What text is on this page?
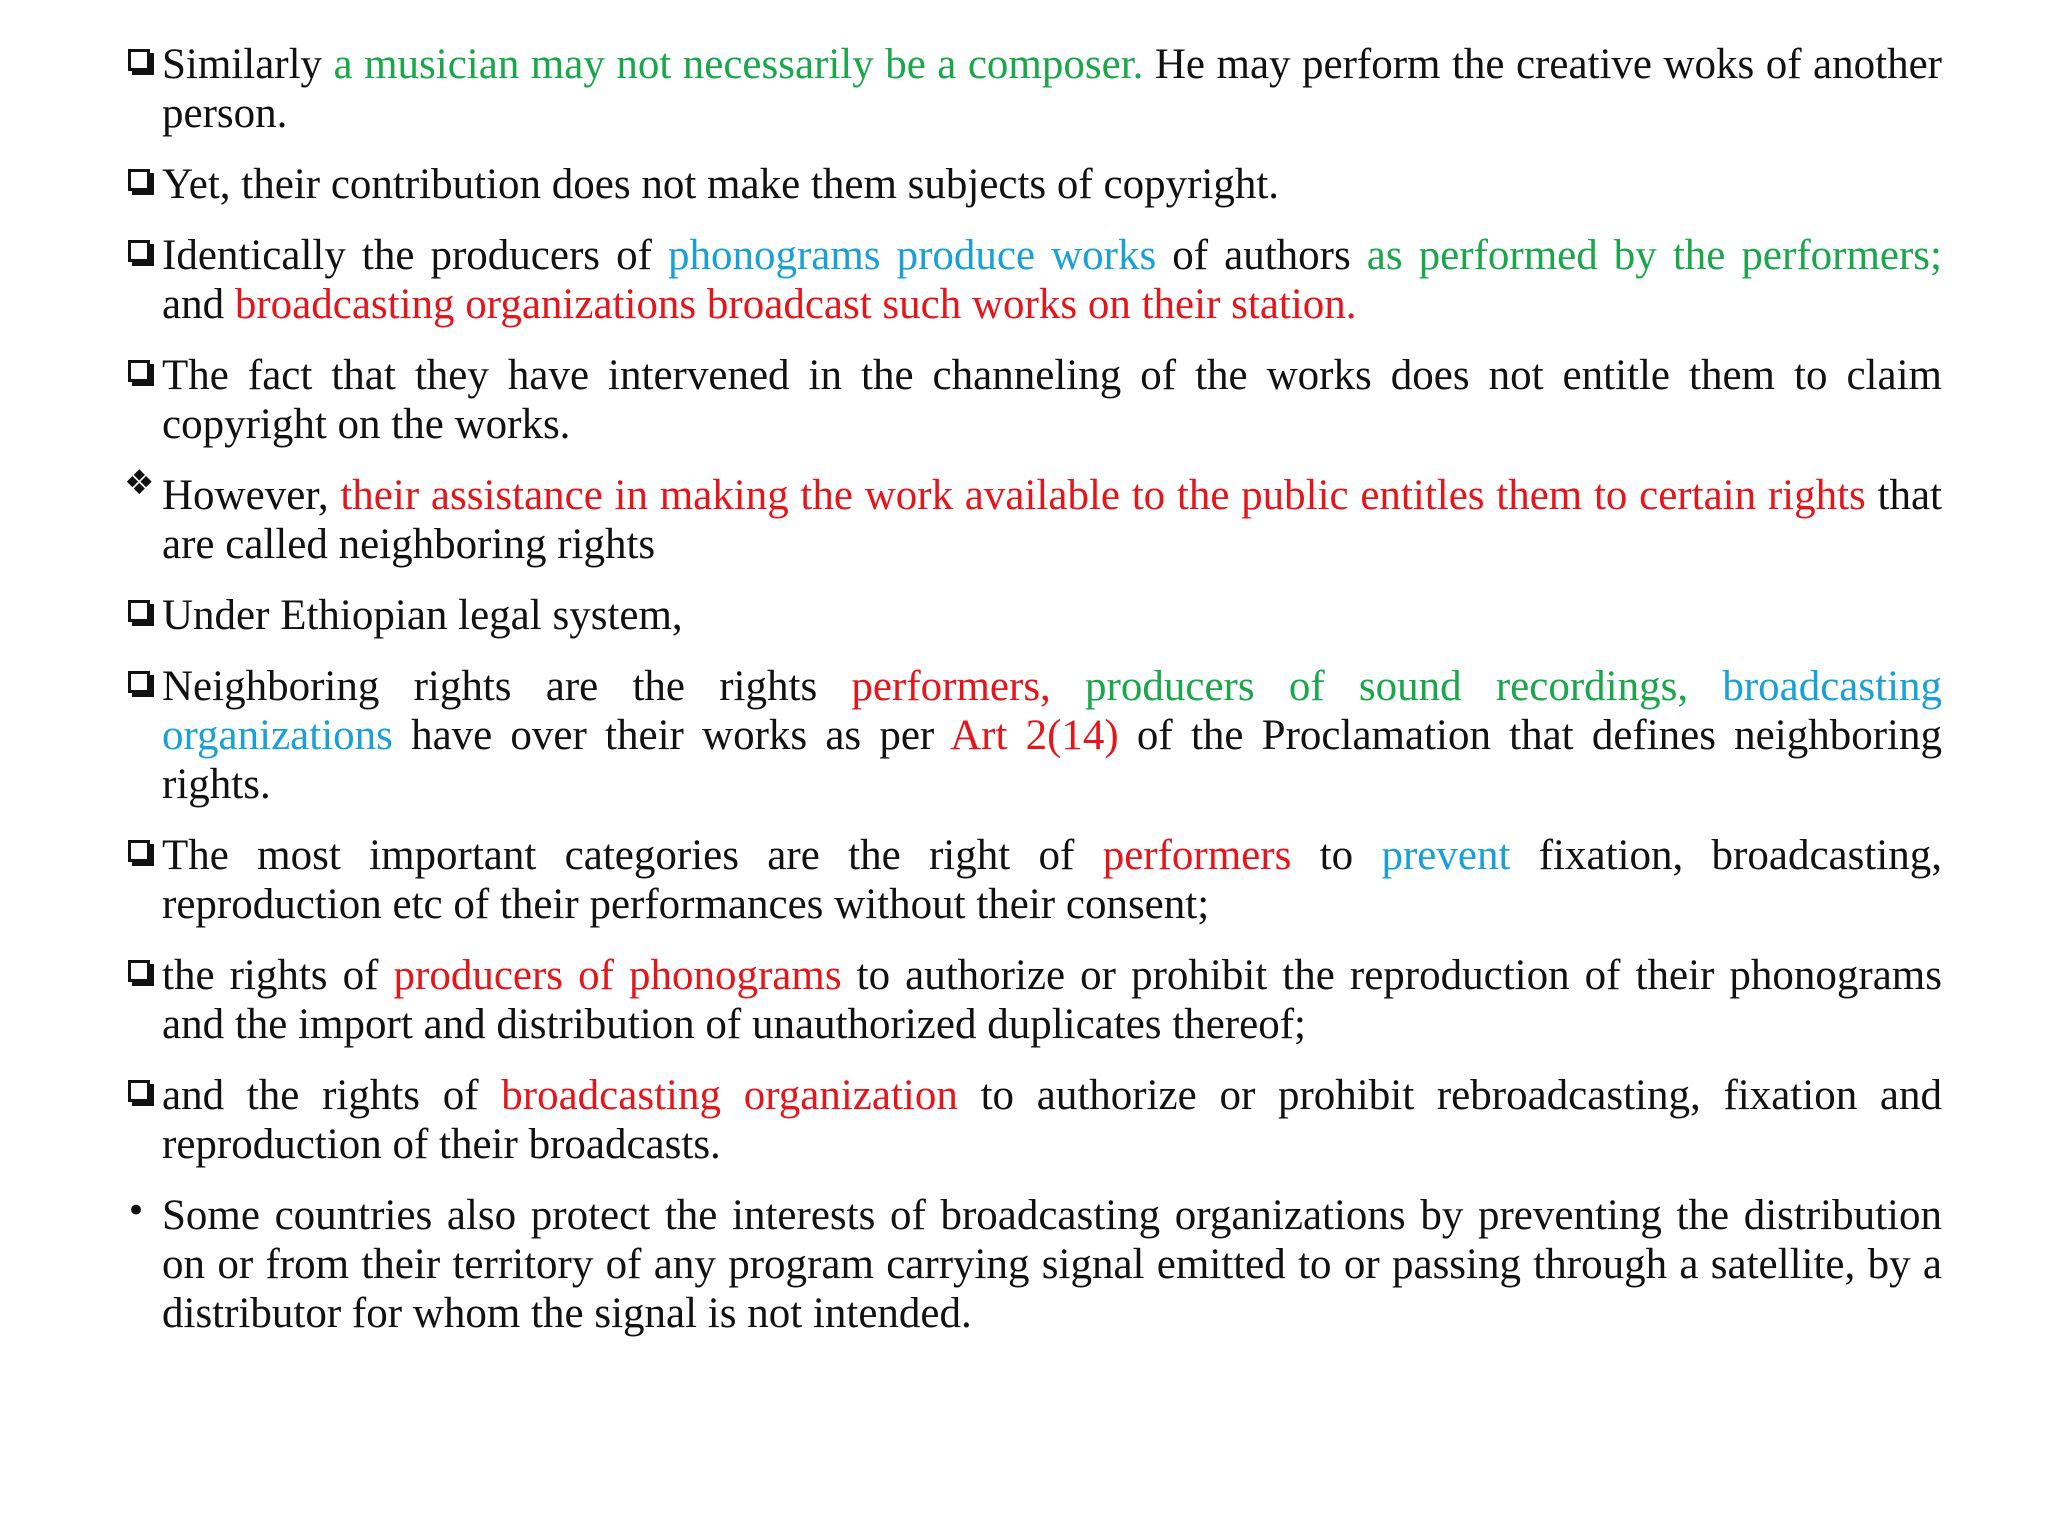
Similarly a musician may not necessarily be a composer. He may perform the creative woks of another person.
Yet, their contribution does not make them subjects of copyright.
Identically the producers of phonograms produce works of authors as performed by the performers; and broadcasting organizations broadcast such works on their station.
The fact that they have intervened in the channeling of the works does not entitle them to claim copyright on the works.
❖ However, their assistance in making the work available to the public entitles them to certain rights that are called neighboring rights
Under Ethiopian legal system,
Neighboring rights are the rights performers, producers of sound recordings, broadcasting organizations have over their works as per Art 2(14) of the Proclamation that defines neighboring rights.
The most important categories are the right of performers to prevent fixation, broadcasting, reproduction etc of their performances without their consent;
the rights of producers of phonograms to authorize or prohibit the reproduction of their phonograms and the import and distribution of unauthorized duplicates thereof;
and the rights of broadcasting organization to authorize or prohibit rebroadcasting, fixation and reproduction of their broadcasts.
• Some countries also protect the interests of broadcasting organizations by preventing the distribution on or from their territory of any program carrying signal emitted to or passing through a satellite, by a distributor for whom the signal is not intended.
